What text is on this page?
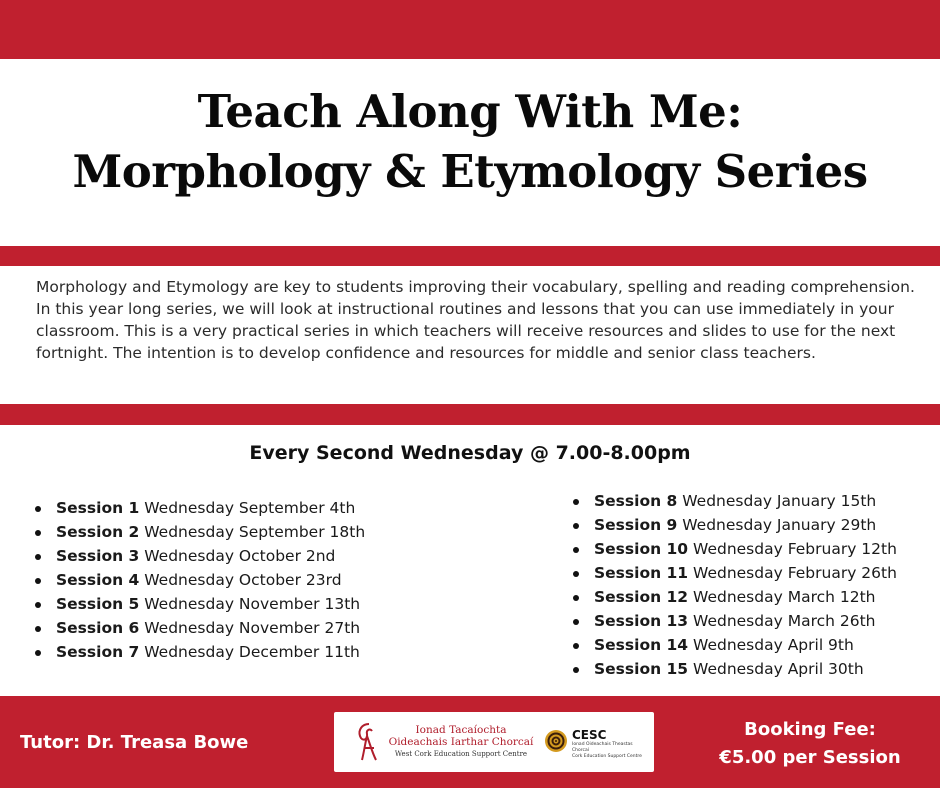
Teach Along With Me:
Morphology & Etymology Series

Morphology and Etymology are key to students improving their vocabulary, spelling and reading comprehension. In this year long series, we will look at instructional routines and lessons that you can use immediately in your classroom. This is a very practical series in which teachers will receive resources and slides to use for the next fortnight. The intention is to develop confidence and resources for middle and senior class teachers.

Every Second Wednesday @ 7.00-8.00pm
Session 1 Wednesday September 4th
Session 2 Wednesday September 18th
Session 3 Wednesday October 2nd
Session 4 Wednesday October 23rd
Session 5 Wednesday November 13th
Session 6 Wednesday November 27th
Session 7 Wednesday December 11th
Session 8 Wednesday January 15th
Session 9 Wednesday January 29th
Session 10 Wednesday February 12th
Session 11 Wednesday February 26th
Session 12 Wednesday March 12th
Session 13 Wednesday March 26th
Session 14 Wednesday April 9th
Session 15 Wednesday April 30th

Tutor: Dr. Treasa Bowe

Ionad Tacaíochta
Oideachais Iarthar Chorcaí
West Cork Education Support Centre
CESC
Ionad Oideachais Theastas Chorcaí
Cork Education Support Centre

Booking Fee:
€5.00 per Session
